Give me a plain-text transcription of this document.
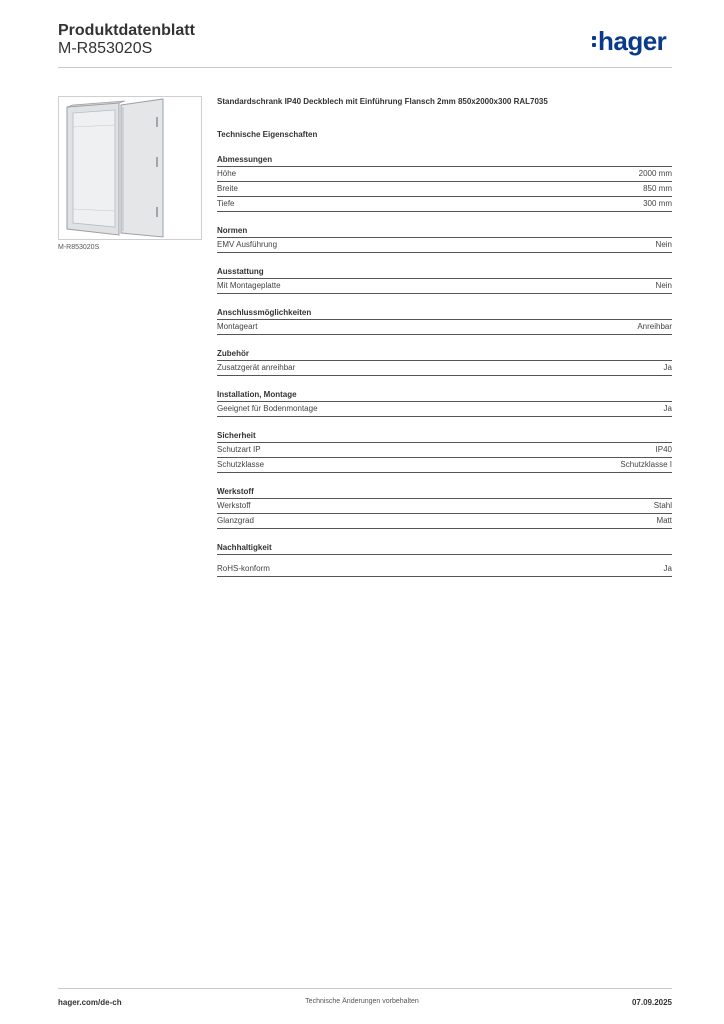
Produktdatenblatt
M-R853020S	hager
M-R853020S
Standardschrank IP40 Deckblech mit Einführung Flansch 2mm 850x2000x300 RAL7035
Technische Eigenschaften
Abmessungen
Höhe	2000 mm
Breite	850 mm
Tiefe	300 mm
Normen
EMV Ausführung	Nein
Ausstattung
Mit Montageplatte	Nein
Anschlussmöglichkeiten
Montageart	Anreihbar
Zubehör
Zusatzgerät anreihbar	Ja
Installation, Montage
Geeignet für Bodenmontage	Ja
Sicherheit
Schutzart IP	IP40
Schutzklasse	Schutzklasse I
Werkstoff
Werkstoff	Stahl
Glanzgrad	Matt
Nachhaltigkeit
RoHS-konform	Ja
hager.com/de-ch	Technische Änderungen vorbehalten	07.09.2025
